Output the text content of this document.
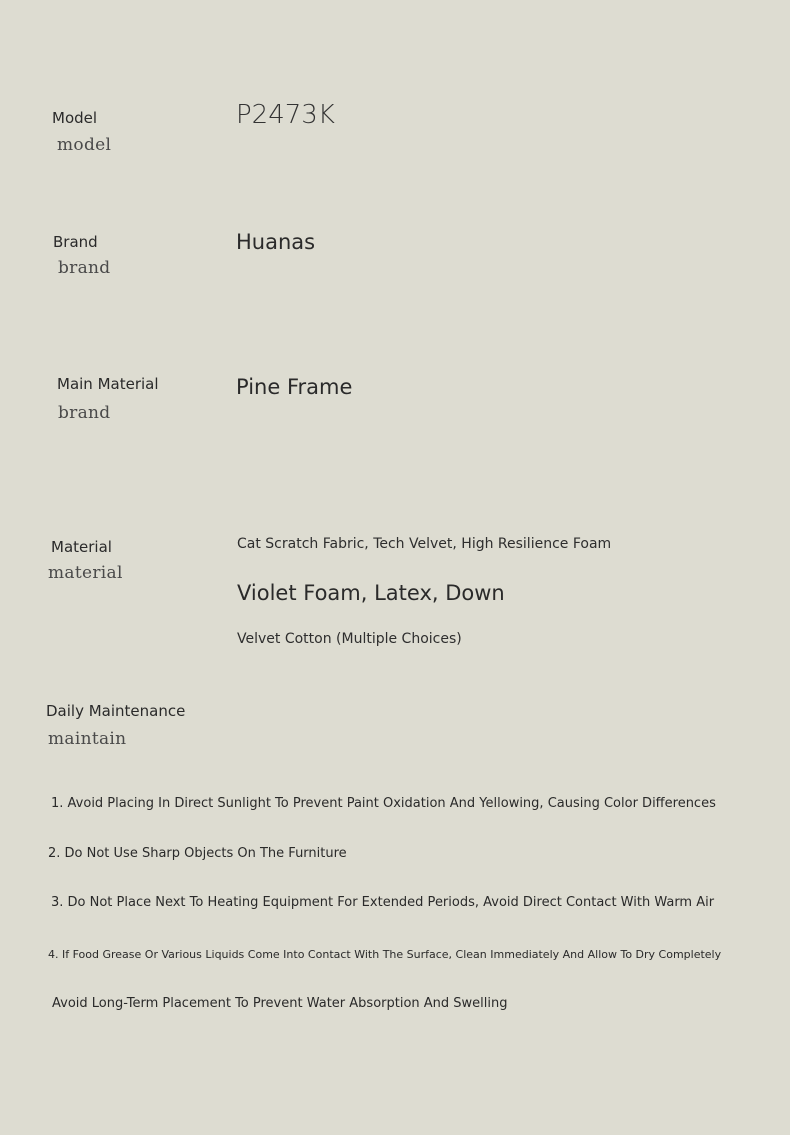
Model
model
P2473K
Brand
brand
Huanas
Main Material
brand
Pine Frame
Material
material
Cat Scratch Fabric, Tech Velvet, High Resilience Foam
Violet Foam, Latex, Down
Velvet Cotton (Multiple Choices)
Daily Maintenance
maintain
1. Avoid Placing In Direct Sunlight To Prevent Paint Oxidation And Yellowing, Causing Color Differences
2. Do Not Use Sharp Objects On The Furniture
3. Do Not Place Next To Heating Equipment For Extended Periods, Avoid Direct Contact With Warm Air
4. If Food Grease Or Various Liquids Come Into Contact With The Surface, Clean Immediately And Allow To Dry Completely
Avoid Long-Term Placement To Prevent Water Absorption And Swelling
